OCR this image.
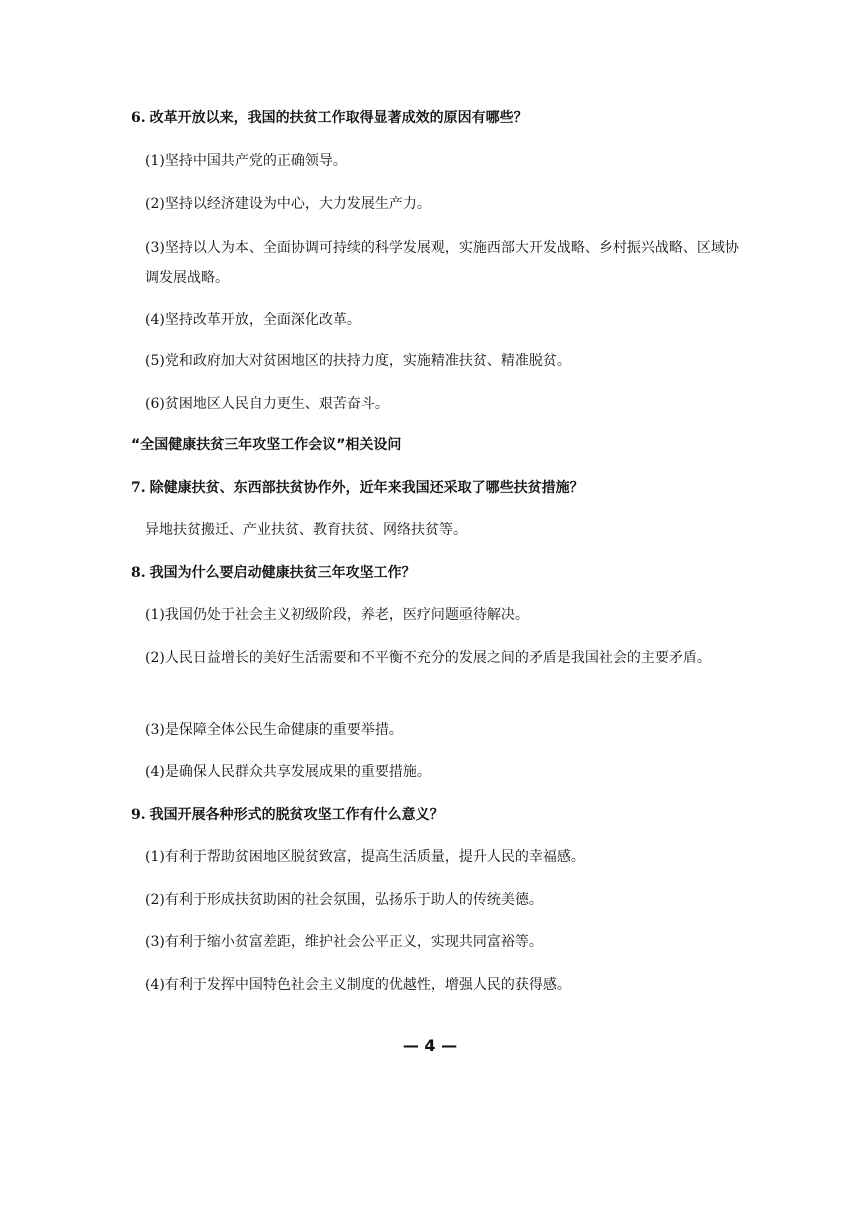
6. 改革开放以来，我国的扶贫工作取得显著成效的原因有哪些？
(1)坚持中国共产党的正确领导。
(2)坚持以经济建设为中心，大力发展生产力。
(3)坚持以人为本、全面协调可持续的科学发展观，实施西部大开发战略、乡村振兴战略、区域协调发展战略。
(4)坚持改革开放，全面深化改革。
(5)党和政府加大对贫困地区的扶持力度，实施精准扶贫、精准脱贫。
(6)贫困地区人民自力更生、艰苦奋斗。
“全国健康扶贫三年攻坚工作会议”相关设问
7. 除健康扶贫、东西部扶贫协作外，近年来我国还采取了哪些扶贫措施？
异地扶贫搬迁、产业扶贫、教育扶贫、网络扶贫等。
8. 我国为什么要启动健康扶贫三年攻坚工作？
(1)我国仍处于社会主义初级阶段，养老，医疗问题亟待解决。
(2)人民日益增长的美好生活需要和不平衡不充分的发展之间的矛盾是我国社会的主要矛盾。
(3)是保障全体公民生命健康的重要举措。
(4)是确保人民群众共享发展成果的重要措施。
9. 我国开展各种形式的脱贫攻坚工作有什么意义？
(1)有利于帮助贫困地区脱贫致富，提高生活质量，提升人民的幸福感。
(2)有利于形成扶贫助困的社会氛围，弘扬乐于助人的传统美德。
(3)有利于缩小贫富差距，维护社会公平正义，实现共同富裕等。
(4)有利于发挥中国特色社会主义制度的优越性，增强人民的获得感。
— 4 —
